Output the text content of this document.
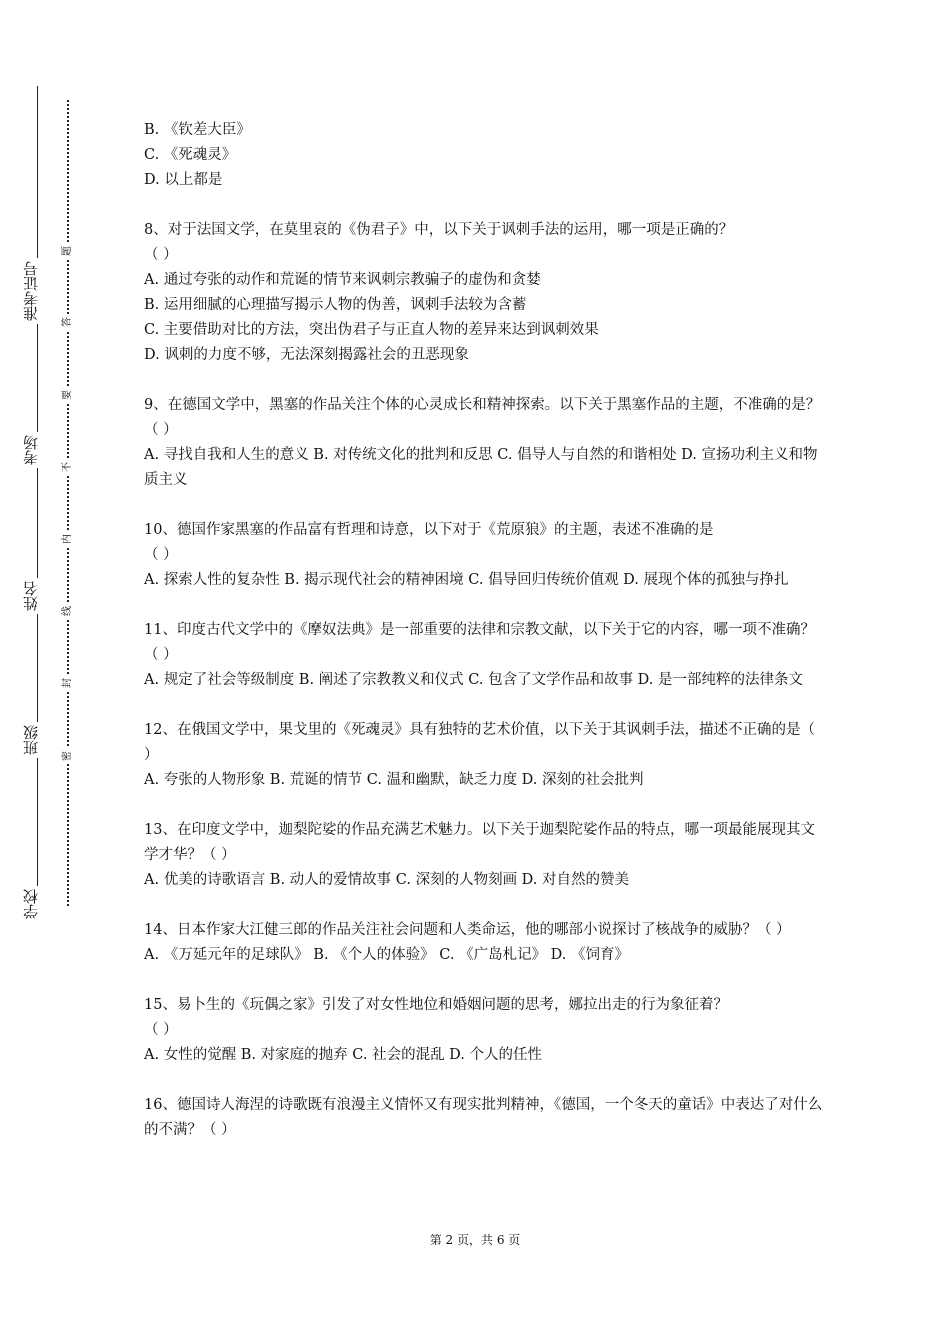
准考证号
考场
姓名
班级
学校
题
答
要
不
内
线
封
密
B. 《钦差大臣》
C. 《死魂灵》
D. 以上都是

8、对于法国文学，在莫里哀的《伪君子》中，以下关于讽刺手法的运用，哪一项是正确的？

（ ）

A. 通过夸张的动作和荒诞的情节来讽刺宗教骗子的虚伪和贪婪
B. 运用细腻的心理描写揭示人物的伪善，讽刺手法较为含蓄
C. 主要借助对比的方法，突出伪君子与正直人物的差异来达到讽刺效果
D. 讽刺的力度不够，无法深刻揭露社会的丑恶现象

9、在德国文学中，黑塞的作品关注个体的心灵成长和精神探索。以下关于黑塞作品的主题，不准确的是？（ ）

A. 寻找自我和人生的意义 B. 对传统文化的批判和反思 C. 倡导人与自然的和谐相处 D. 宣扬功利主义和物质主义

10、德国作家黑塞的作品富有哲理和诗意，以下对于《荒原狼》的主题，表述不准确的是

（ ）

A. 探索人性的复杂性 B. 揭示现代社会的精神困境 C. 倡导回归传统价值观 D. 展现个体的孤独与挣扎

11、印度古代文学中的《摩奴法典》是一部重要的法律和宗教文献，以下关于它的内容，哪一项不准确？（ ）

A. 规定了社会等级制度 B. 阐述了宗教教义和仪式 C. 包含了文学作品和故事 D. 是一部纯粹的法律条文

12、在俄国文学中，果戈里的《死魂灵》具有独特的艺术价值，以下关于其讽刺手法，描述不正确的是（ ）

A. 夸张的人物形象 B. 荒诞的情节 C. 温和幽默，缺乏力度 D. 深刻的社会批判

13、在印度文学中，迦梨陀娑的作品充满艺术魅力。以下关于迦梨陀娑作品的特点，哪一项最能展现其文学才华？（ ）

A. 优美的诗歌语言 B. 动人的爱情故事 C. 深刻的人物刻画 D. 对自然的赞美

14、日本作家大江健三郎的作品关注社会问题和人类命运，他的哪部小说探讨了核战争的威胁？（ ）

A. 《万延元年的足球队》 B. 《个人的体验》 C. 《广岛札记》 D. 《饲育》

15、易卜生的《玩偶之家》引发了对女性地位和婚姻问题的思考，娜拉出走的行为象征着？

（ ）

A. 女性的觉醒 B. 对家庭的抛弃 C. 社会的混乱 D. 个人的任性

16、德国诗人海涅的诗歌既有浪漫主义情怀又有现实批判精神，《德国，一个冬天的童话》中表达了对什么的不满？（ ）

第 2 页，共 6 页
